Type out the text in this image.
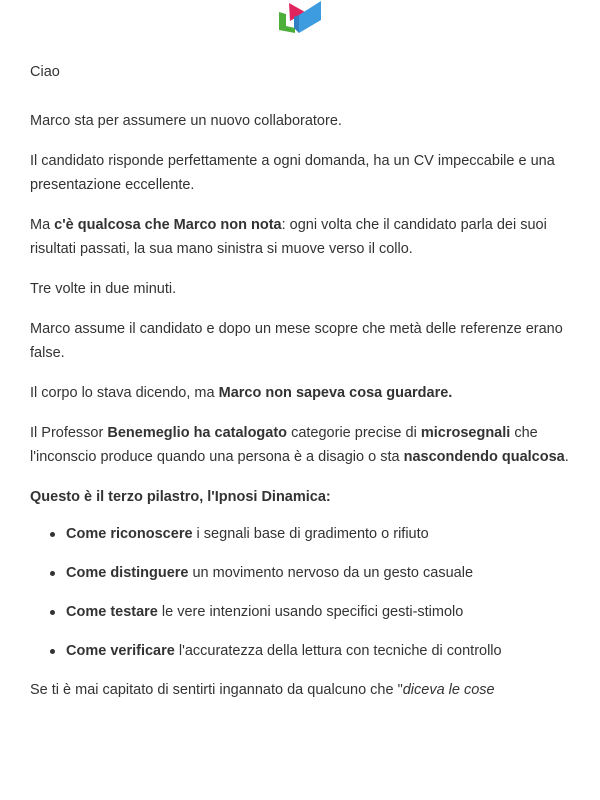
Ciao

Marco sta per assumere un nuovo collaboratore.

Il candidato risponde perfettamente a ogni domanda, ha un CV impeccabile e una presentazione eccellente.

Ma c'è qualcosa che Marco non nota: ogni volta che il candidato parla dei suoi risultati passati, la sua mano sinistra si muove verso il collo.

Tre volte in due minuti.

Marco assume il candidato e dopo un mese scopre che metà delle referenze erano false.

Il corpo lo stava dicendo, ma Marco non sapeva cosa guardare.

Il Professor Benemeglio ha catalogato categorie precise di microsegnali che l'inconscio produce quando una persona è a disagio o sta nascondendo qualcosa.

Questo è il terzo pilastro, l'Ipnosi Dinamica:

Come riconoscere i segnali base di gradimento o rifiuto
Come distinguere un movimento nervoso da un gesto casuale
Come testare le vere intenzioni usando specifici gesti-stimolo
Come verificare l'accuratezza della lettura con tecniche di controllo

Se ti è mai capitato di sentirti ingannato da qualcuno che "diceva le cose
